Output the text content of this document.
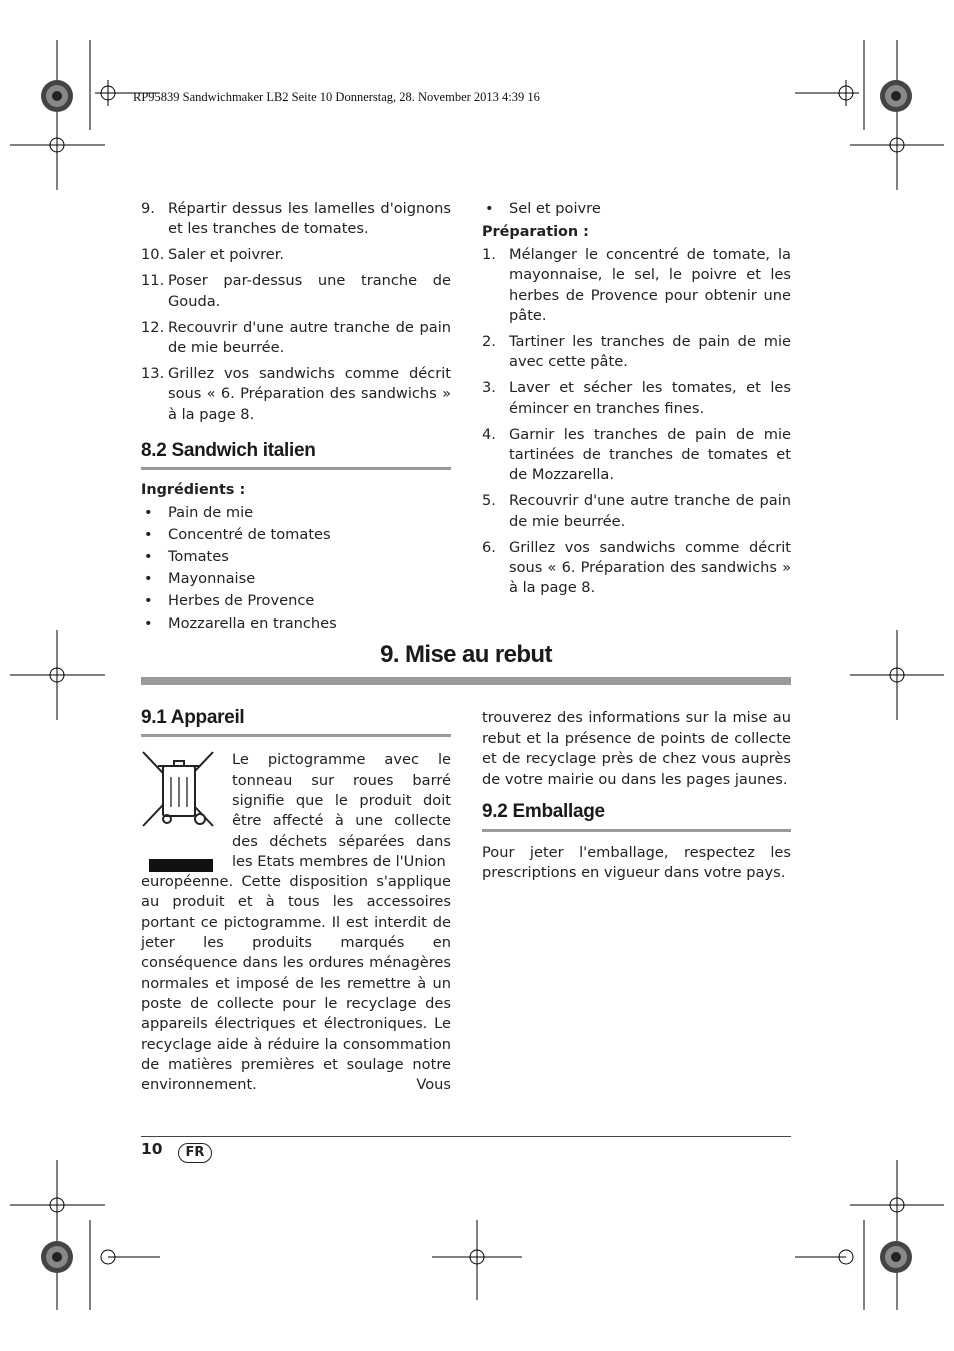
RP95839 Sandwichmaker LB2 Seite 10 Donnerstag, 28. November 2013 4:39 16
9. Répartir dessus les lamelles d'oignons et les tranches de tomates.
10. Saler et poivrer.
11. Poser par-dessus une tranche de Gouda.
12. Recouvrir d'une autre tranche de pain de mie beurrée.
13. Grillez vos sandwichs comme décrit sous « 6. Préparation des sandwichs » à la page 8.
8.2 Sandwich italien
Ingrédients :
• Pain de mie
• Concentré de tomates
• Tomates
• Mayonnaise
• Herbes de Provence
• Mozzarella en tranches
• Sel et poivre
Préparation :
1. Mélanger le concentré de tomate, la mayonnaise, le sel, le poivre et les herbes de Provence pour obtenir une pâte.
2. Tartiner les tranches de pain de mie avec cette pâte.
3. Laver et sécher les tomates, et les émincer en tranches fines.
4. Garnir les tranches de pain de mie tartinées de tranches de tomates et de Mozzarella.
5. Recouvrir d'une autre tranche de pain de mie beurrée.
6. Grillez vos sandwichs comme décrit sous « 6. Préparation des sandwichs » à la page 8.
9. Mise au rebut
9.1 Appareil
Le pictogramme avec le tonneau sur roues barré signifie que le produit doit être affecté à une collecte des déchets séparées dans les Etats membres de l'Union
européenne. Cette disposition s'applique au produit et à tous les accessoires portant ce pictogramme. Il est interdit de jeter les produits marqués en conséquence dans les ordures ménagères normales et imposé de les remettre à un poste de collecte pour le recyclage des appareils électriques et électroniques. Le recyclage aide à réduire la consommation de matières premières et soulage notre environnement. Vous
trouverez des informations sur la mise au rebut et la présence de points de collecte et de recyclage près de chez vous auprès de votre mairie ou dans les pages jaunes.
9.2 Emballage
Pour jeter l'emballage, respectez les prescriptions en vigueur dans votre pays.
10	FR
